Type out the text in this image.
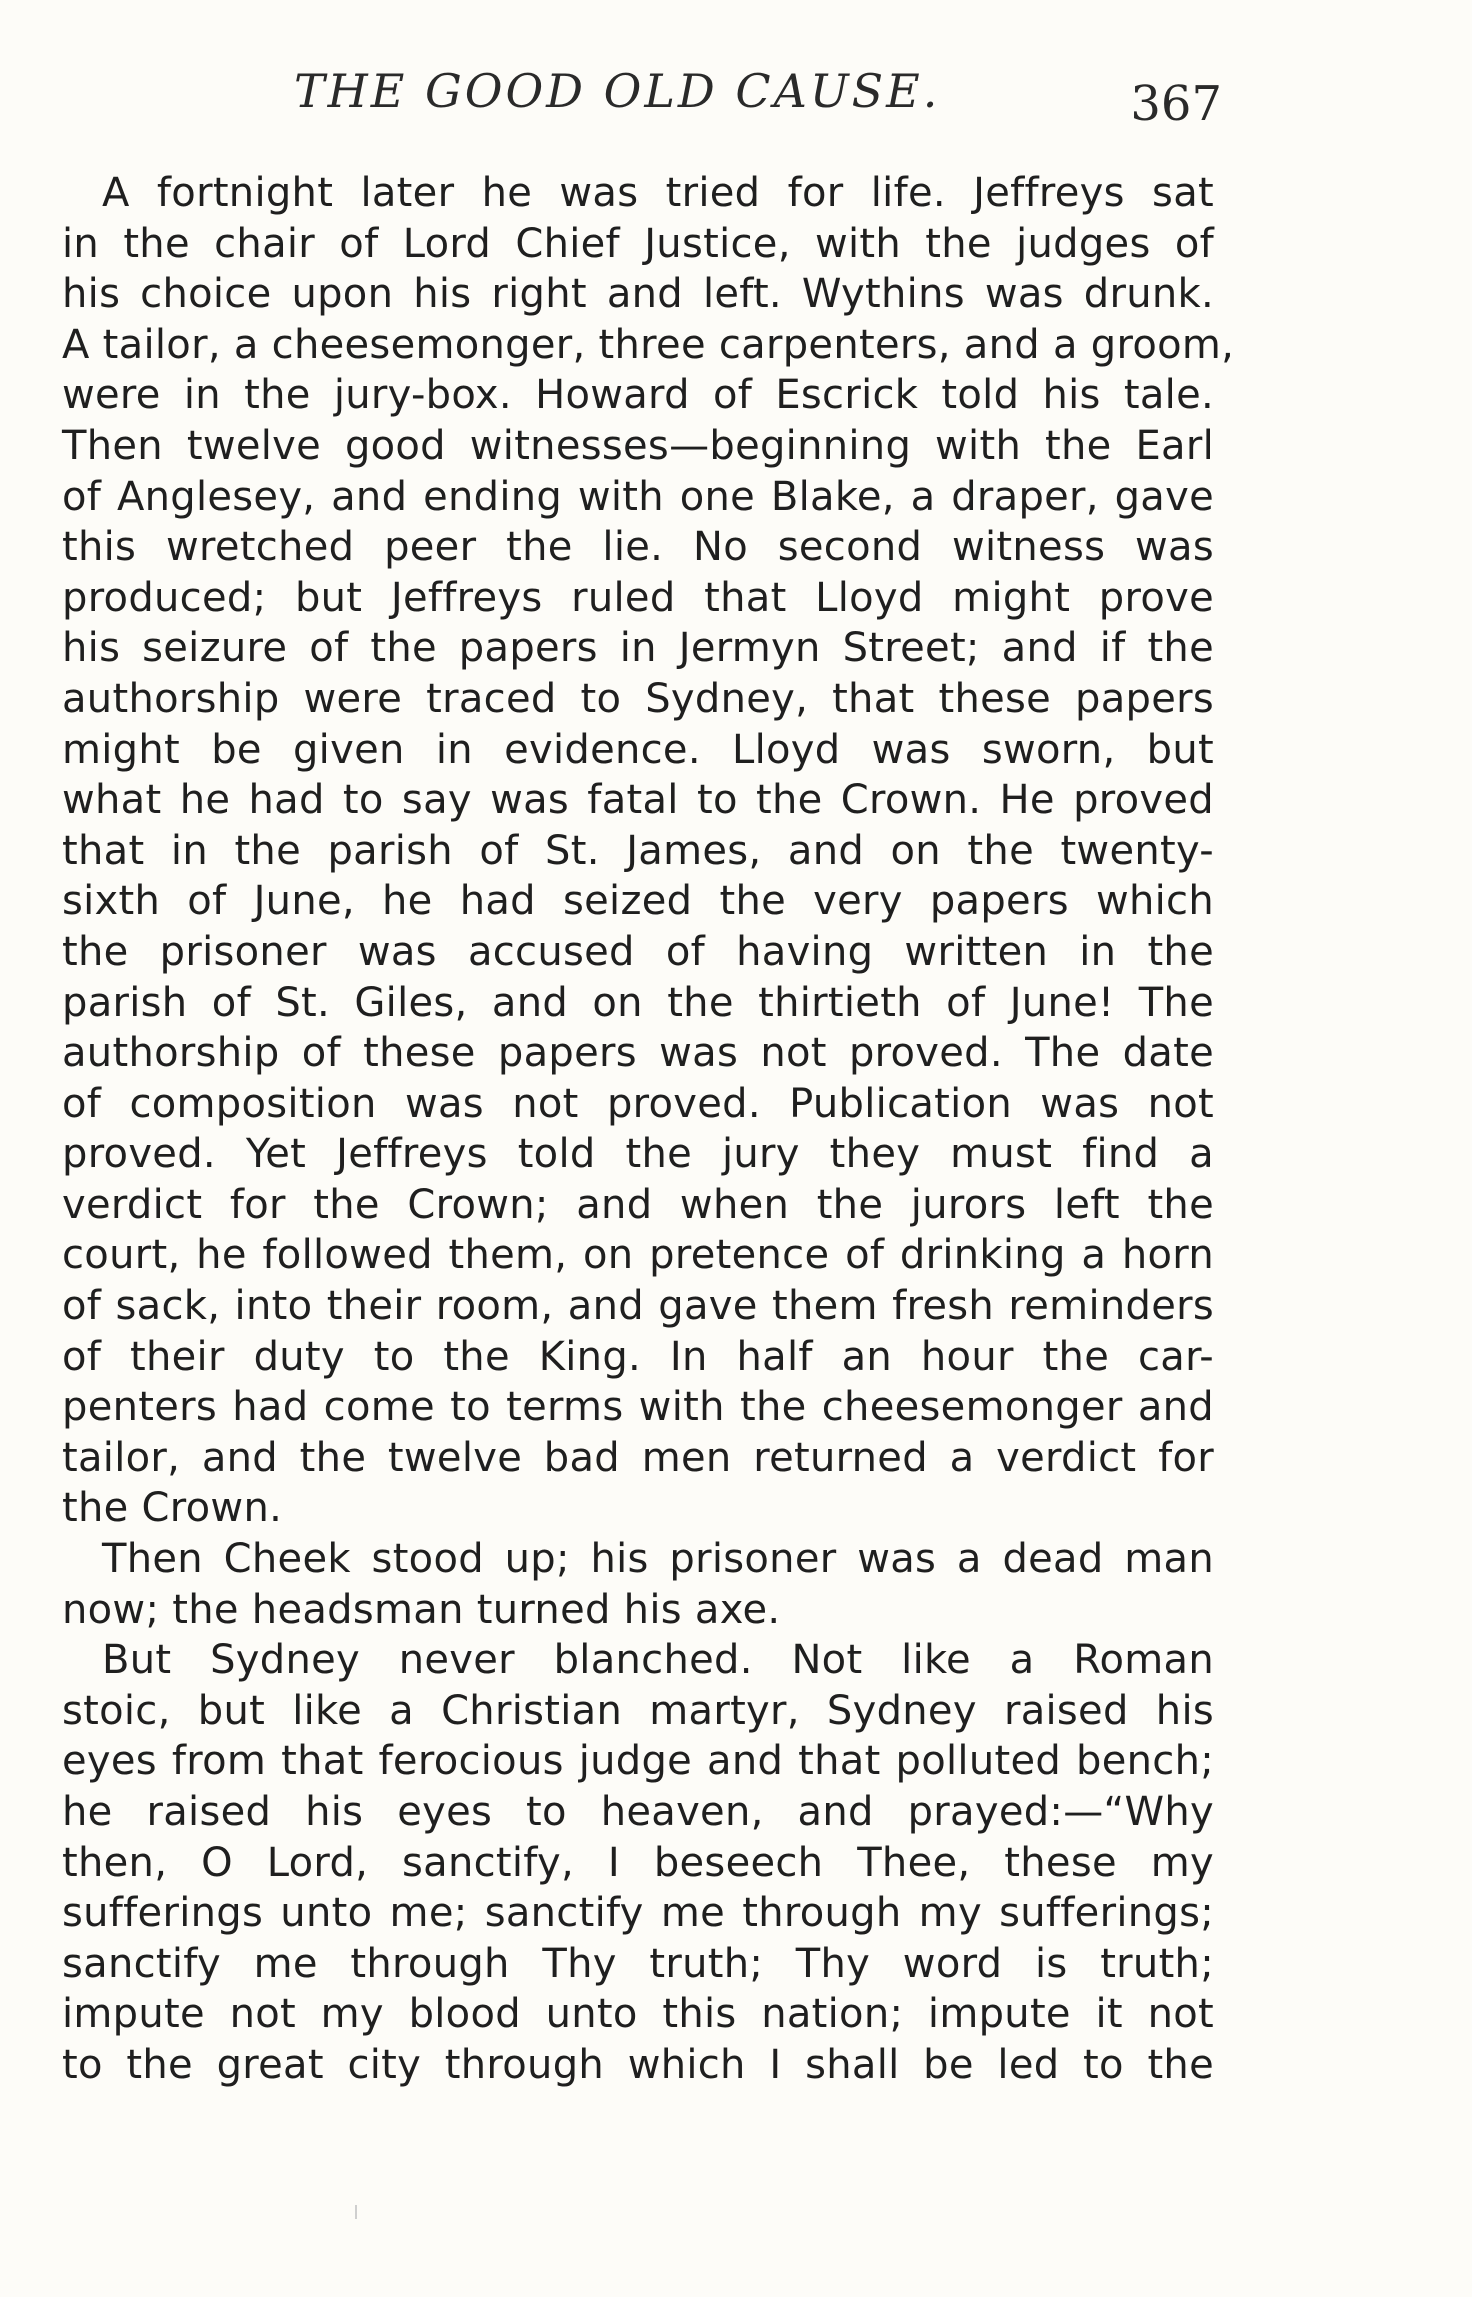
THE GOOD OLD CAUSE.	367
A fortnight later he was tried for life. Jeffreys sat
in the chair of Lord Chief Justice, with the judges of
his choice upon his right and left. Wythins was drunk.
A tailor, a cheesemonger, three carpenters, and a groom,
were in the jury-box. Howard of Escrick told his tale.
Then twelve good witnesses—beginning with the Earl
of Anglesey, and ending with one Blake, a draper, gave
this wretched peer the lie. No second witness was
produced; but Jeffreys ruled that Lloyd might prove
his seizure of the papers in Jermyn Street; and if the
authorship were traced to Sydney, that these papers
might be given in evidence. Lloyd was sworn, but
what he had to say was fatal to the Crown. He proved
that in the parish of St. James, and on the twenty-
sixth of June, he had seized the very papers which
the prisoner was accused of having written in the
parish of St. Giles, and on the thirtieth of June! The
authorship of these papers was not proved. The date
of composition was not proved. Publication was not
proved. Yet Jeffreys told the jury they must find a
verdict for the Crown; and when the jurors left the
court, he followed them, on pretence of drinking a horn
of sack, into their room, and gave them fresh reminders
of their duty to the King. In half an hour the car-
penters had come to terms with the cheesemonger and
tailor, and the twelve bad men returned a verdict for
the Crown.
Then Cheek stood up; his prisoner was a dead man
now; the headsman turned his axe.
But Sydney never blanched. Not like a Roman
stoic, but like a Christian martyr, Sydney raised his
eyes from that ferocious judge and that polluted bench;
he raised his eyes to heaven, and prayed:—“Why
then, O Lord, sanctify, I beseech Thee, these my
sufferings unto me; sanctify me through my sufferings;
sanctify me through Thy truth; Thy word is truth;
impute not my blood unto this nation; impute it not
to the great city through which I shall be led to the
